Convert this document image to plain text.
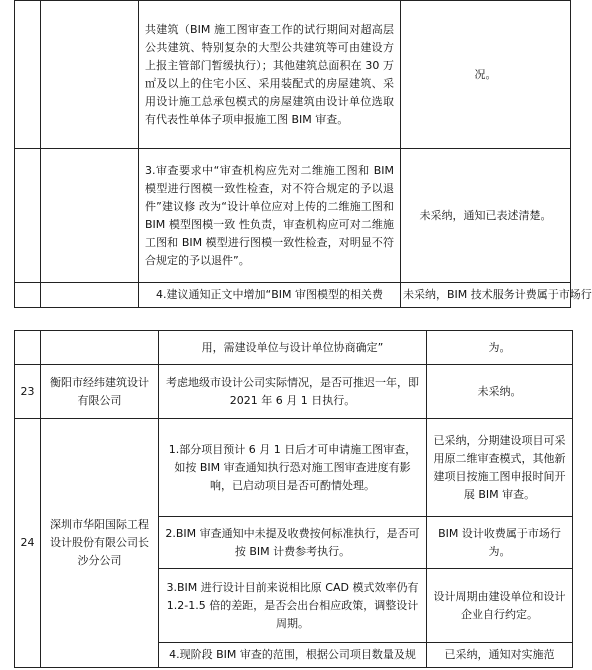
		共建筑（BIM 施工图审查工作的试行期间对超高层公共建筑、特别复杂的大型公共建筑等可由建设方上报主管部门暂缓执行）；其他建筑总面积在 30 万㎡及以上的住宅小区、采用装配式的房屋建筑、采用设计施工总承包模式的房屋建筑由设计单位选取有代表性单体子项申报施工图 BIM 审查。	况。

		3.审查要求中“审查机构应先对二维施工图和 BIM 模型进行图模一致性检查，对不符合规定的予以退件”建议修 改为“设计单位应对上传的二维施工图和 BIM 模型图模一致 性负责，审查机构应可对二维施工图和 BIM 模型进行图模一致性检查，对明显不符合规定的予以退件”。	未采纳，通知已表述清楚。

		4.建议通知正文中增加“BIM 审图模型的相关费	未采纳，BIM 技术服务计费属于市场行

		用，需建设单位与设计单位协商确定”	为。	

23	衡阳市经纬建筑设计有限公司	考虑地级市设计公司实际情况，是否可推迟一年，即 2021 年 6 月 1 日执行。	未采纳。	

24	深圳市华阳国际工程设计股份有限公司长沙分公司	1.部分项目预计 6 月 1 日后才可申请施工图审查，如按 BIM 审查通知执行恐对施工图审查进度有影响，已启动项目是否可酌情处理。	已采纳，分期建设项目可采用原二维审查模式，其他新建项目按施工图申报时间开展 BIM 审查。	

		2.BIM 审查通知中未提及收费按何标准执行，是否可按 BIM 计费参考执行。	BIM 设计收费属于市场行为。	

		3.BIM 进行设计目前来说相比原 CAD 模式效率仍有 1.2-1.5 倍的差距，是否会出台相应政策，调整设计周期。	设计周期由建设单位和设计企业自行约定。	

		4.现阶段 BIM 审查的范围，根据公司项目数量及规	已采纳，通知对实施范	
